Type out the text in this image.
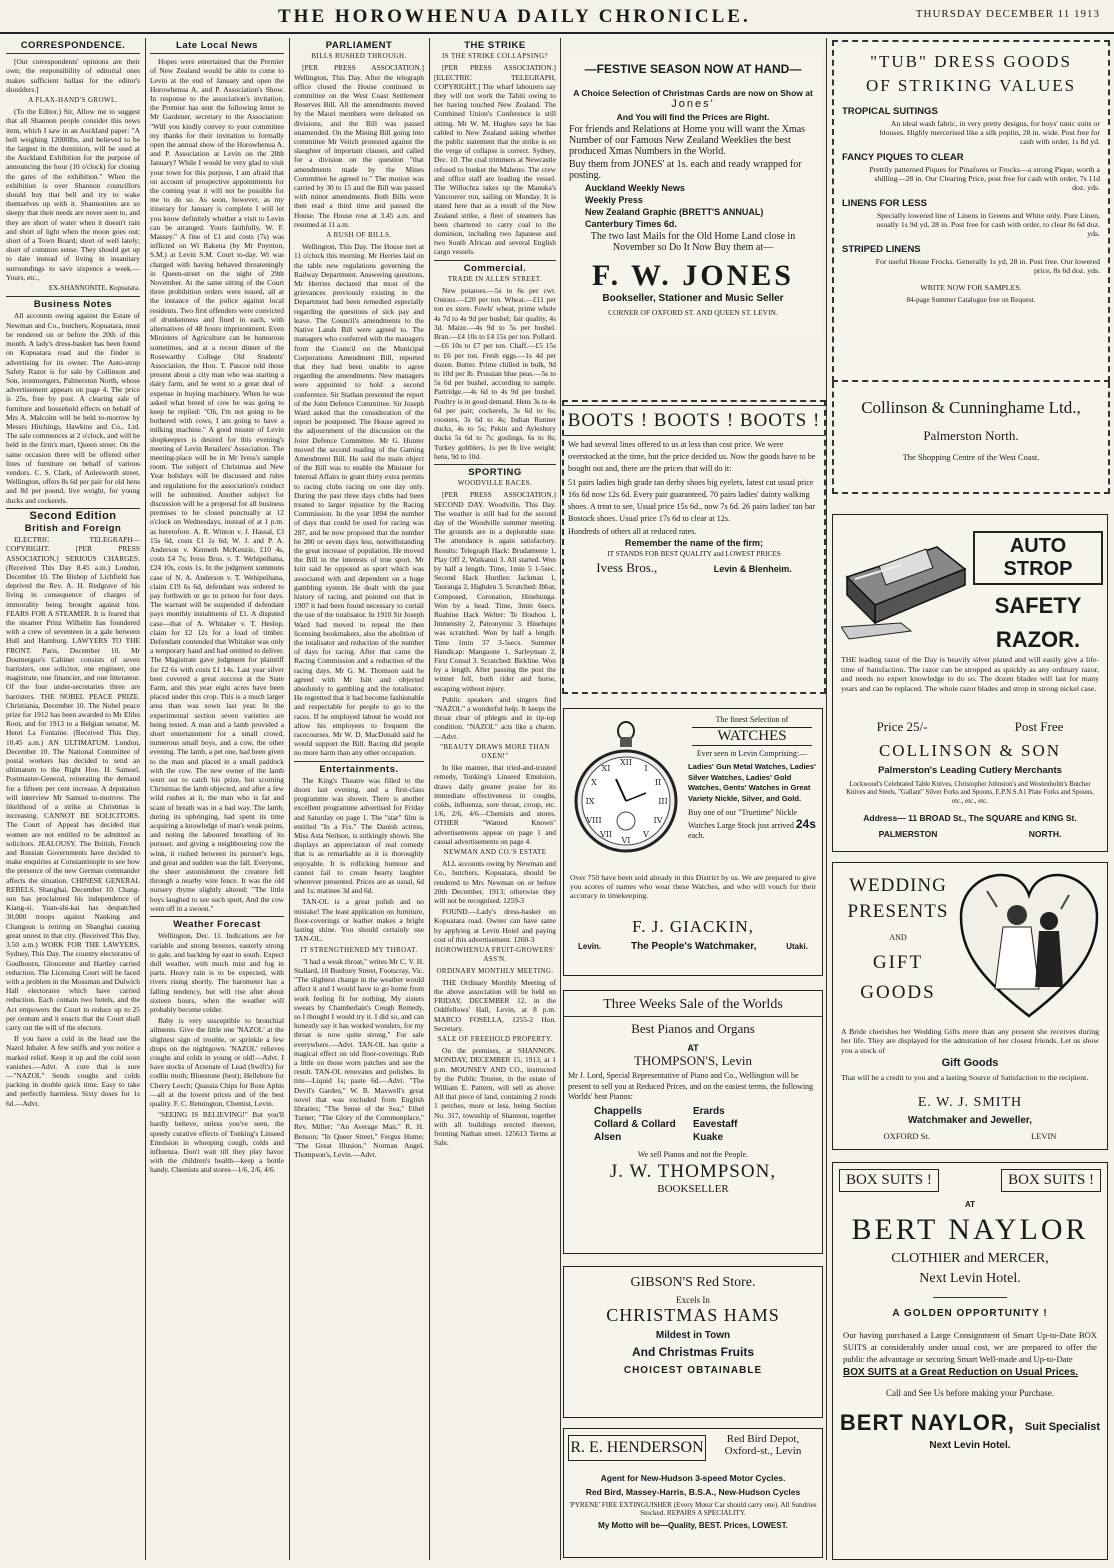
THE HOROWHENUA DAILY CHRONICLE.	THURSDAY DECEMBER 11 1913
CORRESPONDENCE.
[Our correspondents' opinions are their own; the responsibility of editorial ones makes sufficient ballast for the editor's shoulders.]
A FLAX-HAND'S GROWL.
(To the Editor.) Sir, Allow me to suggest that all Shannon people consider this news item, which I saw in an Auckland paper: "A bell weighing 12000lbs, and believed to be the largest in the dominion, will be used at the Auckland Exhibition for the purpose of announcing the hour (10 o'clock) for closing the gates of the exhibition." When the exhibition is over Shannon councillors should buy that bell and try to wake themselves up with it. Shannonites are so sleepy that their needs are never seen to, and they are short of water when it doesn't rain and short of light when the moon goes out; short of a Town Board; short of well lately; short of common sense. They should get up to date instead of living in insanitary surroundings to save sixpence a week.—Yours, etc.,
EX-SHANNONITE. Kopuatara.
Business Notes
All accounts owing against the Estate of Newman and Co., butchers, Kopuatara, must be rendered on or before the 20th of this month. A lady's dress-basket has been found on Kopuatara road and the finder is advertising for its owner. The Auto-strop Safety Razor is for sale by Collinson and Son, ironmongers, Palmerston North, whose advertisement appears on page 4. The price is 25s, free by post. A clearing sale of furniture and household effects on behalf of Mrs A. Malcolm will be held to-morrow by Messrs Hitchings, Hawkins and Co., Ltd. The sale commences at 2 o'clock, and will be held in the firm's mart, Queen street. On the same occasion there will be offered other lines of furniture on behalf of various vendors. C. S. Clark, of Aulesworth street, Wellington, offers 8s 6d per pair for old hens and 8d per pound, live weight, for young ducks and cockerels.
Second Edition
British and Foreign
ELECTRIC TELEGRAPH—COPYRIGHT. [PER PRESS ASSOCIATION.] SERIOUS CHARGES. (Received This Day 8.45 a.m.) London, December 10. The Bishop of Lichfield has deprived the Rev. A. H. Redgrave of his living in consequence of charges of immorality being brought against him. FEARS FOR A STEAMER. It is feared that the steamer Prinz Wilhelm has foundered with a crew of seventeen in a gale between Hull and Hamburg. LAWYERS TO THE FRONT. Paris, December 10. Mr Doumergue's Cabinet consists of seven barristers, one solicitor, one engineer, one magistrate, one financier, and one litterateur. Of the four under-secretaries three are barristers. THE NOBEL PEACE PRIZE. Christiania, December 10. The Nobel peace prize for 1912 has been awarded to Mr Elihu Root, and for 1913 to a Belgian senator, M. Henri La Fontaine. (Received This Day, 10.45 a.m.) AN ULTIMATUM. London, December 10. The National Committee of postal workers has decided to send an ultimatum to the Right Hon. H. Samuel, Postmaster-General, reiterating the demand for a fifteen per cent increase. A deputation will interview Mr Samuel to-morrow. The likelihood of a strike at Christmas is increasing. CANNOT BE SOLICITORS. The Court of Appeal has decided that women are not entitled to be admitted as solicitors. JEALOUSY. The British, French and Russian Governments have decided to make enquiries at Constantinople to see how the presence of the new German commander affects the situation. CHINESE GENERAL REBELS. Shanghai, December 10. Chang-sun has proclaimed his independence of Kiang-si. Yuan-shi-kai has despatched 30,000 troops against Nanking and Changsun is retiring on Shanghai causing great unrest in that city. (Received This Day, 3.50 a.m.) WORK FOR THE LAWYERS. Sydney, This Day. The country electorates of Goulbourn, Gloucester and Hartley carried reduction. The Licensing Court will be faced with a problem in the Mossman and Dulwich Hall electorates which have carried reduction. Each contain two hotels, and the Act empowers the Court to reduce up to 25 per centum and it enacts that the Court shall carry out the will of the electors.
If you have a cold in the head use the Nazol Inhaler. A few sniffs and you notice a marked relief. Keep it up and the cold soon vanishes.—Advt. A cure that is sure—"NAZOL" Sends coughs and colds packing in double quick time. Easy to take and perfectly harmless. Sixty doses for 1s 6d.—Advt.
Late Local News
Hopes were entertained that the Premier of New Zealand would be able to come to Levin at the end of January and open the Horowhenua A. and P. Association's Show. In response to the association's invitation, the Premier has sent the following letter to Mr Gardener, secretary to the Association: "Will you kindly convey to your committee my thanks for their invitation to formally open the annual show of the Horowhenua A. and P. Association at Levin on the 28th January? While I would be very glad to visit your town for this purpose, I am afraid that on account of prospective appointments for the coming year it will not be possible for me to do so. As soon, however, as my itinerary for January is complete I will let you know definitely whether a visit to Levin can be arranged. Yours faithfully, W. F. Massey." A fine of £1 and costs (7s) was inflicted on Wi Rakena (by Mr Poynton, S.M.) at Levin S.M. Court to-day. Wi was charged with having behaved threateningly in Queen-street on the night of 29th November. At the same sitting of the Court three prohibition orders were issued, all at the instance of the police against local residents. Two first offenders were convicted of drunkenness and fined in each, with alternatives of 48 hours imprisonment. Even Ministers of Agriculture can be humorous sometimes, and at a recent dinner of the Rosewarthy College Old Students' Association, the Hon. T. Pascoe told those present about a city man who was starting a dairy farm, and he went to a great deal of expense in buying machinery. When he was asked what breed of cow he was going to keep he replied: "Oh, I'm not going to be bothered with cows, I am going to have a milking machine." A good muster of Levin shopkeepers is desired for this evening's meeting of Levin Retailers' Association. The meeting-place will be in Mr Ivess's sample room. The subject of Christmas and New Year holidays will be discussed and rules and regulations for the association's conduct will be submitted. Another subject for discussion will be a proposal for all business premises to be closed punctually at 12 o'clock on Wednesdays, instead of at 1 p.m. as heretofore. A. R. Winton v. J. Hassal, £3 15s 6d, costs £1 1s 6d; W. J. and P. A. Anderson v. Kenneth McKenzie, £10 4s, costs £4 7s; Ivess Bros. v. T. Wehipeihana, £24 10s, costs 1s. In the judgment summons case of N. A. Anderson v. T. Wehipeihana, claim £19 6s 6d, defendant was ordered to pay forthwith or go to prison for four days. The warrant will be suspended if defendant pays monthly instalments of £1. A disputed case—that of A. Whitaker v. T. Heslop, claim for £2 12s for a load of timber. Defendant contended that Whitaker was only a temporary hand and had omitted to deliver. The Magistrate gave judgment for plaintiff for £2 6s with costs £1 14s. Last year silver beet covered a great success at the State Farm, and this year eight acres have been placed under this crop. This is a much larger area than was sown last year. In the experimental section seven varieties are being tested. A man and a lamb provided a short entertainment for a small crowd, numerous small boys, and a cow, the other evening. The lamb, a pet one, had been given to the man and placed in a small paddock with the cow. The new owner of the lamb went out to catch his prize, but scorning Christmas the lamb objected, and after a few wild rushes at it, the man who is fat and scant of breath was in a bad way. The lamb, during its upbringing, had spent its time acquiring a knowledge of man's weak points, and noting the laboured breathing of its pursuer, and giving a neighbouring cow the wink, it rushed between its pursuer's legs, and great and sudden was the fall. Everyone, the sheer astonishment the creature fell through a nearby wire fence. It was the old nursery rhyme slightly altered: "The little boys laughed to see such sport, And the cow went off in a swoon."
Weather Forecast
Wellington, Dec. 11. Indications are for variable and strong breezes, easterly strong to gale, and backing by east to south. Expect dull weather, with much mist and fog in parts. Heavy rain is to be expected, with rivers rising shortly. The barometer has a falling tendency, but will rise after about sixteen hours, when the weather will probably become colder.
Baby is very susceptible to bronchial ailments. Give the little one 'NAZOL' at the slightest sign of trouble, or sprinkle a few drops on the nightgown. 'NAZOL' relieves coughs and colds in young or old!—Advt. I have stocks of Arsenate of Lead (Swift's) for codlin moth; Bluestone (best); Hellebore for Cherry Leech; Quassia Chips for Rose Aphis—all at the lowest prices and of the best quality. F. C. Remington, Chemist, Levin.
"SEEING IS BELIEVING!" But you'll hardly believe, unless you've seen, the speedy curative effects of Tonking's Linseed Emulsion in whooping cough, colds and influenza. Don't wait till they play havoc with the children's health—keep a bottle handy. Chemists and stores—1/6, 2/6, 4/6.
PARLIAMENT
BILLS RUSHED THROUGH.
[PER PRESS ASSOCIATION.] Wellington, This Day. After the telegraph office closed the House continued in committee on the West Coast Settlement Reserves Bill. All the amendments moved by the Maori members were defeated on divisions, and the Bill was passed unamended. On the Mining Bill going into committee Mr Veitch protested against the slaughter of important clauses, and called for a division on the question "that amendments made by the Mines Committee be agreed to." The motion was carried by 30 to 15 and the Bill was passed with minor amendments. Both Bills were then read a third time and passed the House. The House rose at 3.45 a.m. and resumed at 11 a.m.
A RUSH OF BILLS.
Wellington, This Day. The House met at 11 o'clock this morning. Mr Herries laid on the table new regulations governing the Railway Department. Answering questions, Mr Herries declared that most of the grievances previously existing in the Department had been remedied especially regarding the questions of sick pay and leave. The Council's amendments to the Native Lands Bill were agreed to. The managers who conferred with the managers from the Council on the Municipal Corporations Amendment Bill, reported that they had been unable to agree regarding the amendments. New managers were appointed to hold a second conference. Sir Stathan presented the report of the Joint Defence Committee. Sir Joseph Ward asked that the consideration of the report be postponed. The House agreed to the adjournment of the discussion on the Joint Defence Committee. Mr G. Hunter moved the second reading of the Gaming Amendment Bill. He said the main object of the Bill was to enable the Minister for Internal Affairs to grant thirty extra permits to racing clubs racing on one day only. During the past three days clubs had been treated to larger injustice by the Racing Commission. In the year 1894 the number of days that could be used for racing was 287, and he now proposed that the number be 280 or seven days less, notwithstanding the great increase of population. He moved the Bill in the interests of true sport. Mr Isitt said he opposed as sport which was associated with and dependent on a huge gambling system. He dealt with the past history of racing, and pointed out that in 1907 it had been found necessary to curtail the use of the totalisator. In 1910 Sir Joseph Ward had moved to repeal the then licensing bookmakers, also the abolition of the totalisator and reduction of the number of days for racing. After that came the Racing Commission and a reduction of the racing days. Mr G. M. Thomson said he agreed with Mr Isitt and objected absolutely to gambling and the totalisator. He regretted that it had become fashionable and respectable for people to go to the races. If he employed labour he would not allow his employees to frequent the racecourses. Mr W. D. MacDonald said he would support the Bill. Racing did people no more harm than any other occupation.
Entertainments.
The King's Theatre was filled to the doors last evening, and a first-class programme was shown. There is another excellent programme advertised for Friday and Saturday on page 1. The "star" film is entitled "In a Fix." The Danish actress, Miss Asta Neilson, is strikingly shown. She displays an appreciation of real comedy that is as remarkable as it is thoroughly enjoyable. It is rollicking humour and cannot fail to create hearty laughter wherever presented. Prices are as usual, 6d and 1s; matinee 3d and 6d.
TAN-OL is a great polish and no mistake! The least application on furniture, floor-coverings or leather makes a bright lasting shine. You should certainly use TAN-OL.
IT STRENGTHENED MY THROAT.
"I had a weak throat," writes Mr C. V. H. Stallard, 10 Bunbury Street, Footscray, Vic. "The slightest change in the weather would affect it and I would have to go home from work feeling fit for nothing. My sisters swears by Chamberlain's Cough Remedy, so I thought I would try it. I did so, and can honestly say it has worked wonders, for my throat is now quite strong." For sale everywhere.—Advt. TAN-OL has quite a magical effect on old floor-coverings. Rub a little on those worn patches and see the result. TAN-OL renovates and polishes. In tins—Liquid 1s; paste 6d.—Advt. "The Devil's Garden," W. B. Maxwell's great novel that was excluded from English libraries; "The Sense of the Sea," Ethel Turner; "The Glory of the Commonplace," Rev. Miller; "An Average Man," R. H. Benson; "In Queer Street," Fergus Hume; "The Great Illusion," Norman Angel. Thompson's, Levin.—Advt.
THE STRIKE
IS THE STRIKE COLLAPSING?
[PER PRESS ASSOCIATION.] [ELECTRIC TELEGRAPH, COPYRIGHT.] The wharf labourers say they will not work the Tahiti owing to her having touched New Zealand. The Combined Union's Conference is still sitting. Mr W. M. Hughes says he has cabled to New Zealand asking whether the public statement that the strike is on the verge of collapse is correct. Sydney, Dec. 10. The coal trimmers at Newcastle refused to bunker the Mahenо. The crew and office staff are loading the vessel. The Willochra takes up the Manuka's Vancouver run, sailing on Monday. It is stated here that as a result of the New Zealand strike, a fleet of steamers has been chartered to carry coal to the dominion, including two Japanese and two South African and several English cargo vessels.
Commercial.
TRADE IN ALLEN STREET.
New potatoes.—5s to 6s per cwt. Onions.—£20 per ton. Wheat.—£11 per ton ex store. Fowls' wheat, prime whole 4s 7d to 4s 9d per bushel; fair quality, 4s 3d. Maize.—4s 9d to 5s per bushel. Bran.—£4 10s to £4 15s per ton. Pollard.—£6 10s to £7 per ton. Chaff.—£5 15s to £6 per ton. Fresh eggs.—1s 4d per dozen. Butter. Prime chilled in bulk, 9d to 10d per lb. Prussian blue peas.—5s to 5s 6d per bushel, according to sample. Partridge.—4s 6d to 4s 9d per bushel. Poultry is in good demand. Hens 3s to 4s 6d per pair; cockerels, 3s 6d to 6s; roosters, 3s 6d to 4s; Indian Runner ducks, 4s to 5s; Pekin and Aylesbury ducks 5s 6d to 7s; goslings, 6s to 8s; Turkey gobblers, 1s per lb live weight; hens, 9d to 10d.
SPORTING
WOODVILLE RACES.
[PER PRESS ASSOCIATION.] SECOND DAY. Woodville, This Day. The weather is still bad for the second day of the Woodville summer meeting. The grounds are in a deplorable state. The attendance is again satisfactory. Results: Telegraph Hack: Brudamente 1, Play Off 2, Waikanui 3. All started. Won by half a length. Time, 1min 5 1-5sec. Second Hack Hurdles: Jackman 1, Tauranga 2, Highden 3. Scratched: Ibbar, Composed, Coronation, Hinehunga. Won by a head. Time, 3min 6secs. Ruahine Hack Welter: Te Houhou 1, Immensity 2, Patronymic 3. Hinehupu was scratched. Won by half a length. Time 1min 37 3-5secs. Summer Handicap: Mangaone 1, Sarleyman 2, First Consul 3. Scratched: Birkline. Won by a length. After passing the post the winner fell, both rider and horse, escaping without injury.
Public speakers and singers find "NAZOL" a wonderful help. It keeps the throat clear of phlegm and in tip-top condition. "NAZOL" acts like a charm.—Advt.
"BEAUTY DRAWS MORE THAN OXEN!"
In like manner, that tried-and-trusted remedy, Tonking's Linseed Emulsion, draws daily greater praise for its immediate effectiveness in coughs, colds, influenza, sore throat, croup, etc. 1/6, 2/6, 4/6—Chemists and stores. OTHER "Wanted Known" advertisements appear on page 1 and casual advertisements on page 4.
NEWMAN AND CO.'S ESTATE
ALL accounts owing by Newman and Co., butchers, Kopuatara, should be rendered to Mrs Newman on or before 20th December, 1913; otherwise they will not be recognised. 1259-3
FOUND.—Lady's dress-basket on Kopuatara road. Owner can have same by applying at Levin Hotel and paying cost of this advertisement. 1260-3
HOROWHENUA FRUIT-GROWERS' ASS'N.
ORDINARY MONTHLY MEETING.
THE Ordinary Monthly Meeting of the above association will be held on FRIDAY, DECEMBER 12, in the Oddfellows' Hall, Levin, at 8 p.m. MARCO FOSELLA, 1255-2 Hon. Secretary.
SALE OF FREEHOLD PROPERTY.
On the premises, at SHANNON. MONDAY, DECEMBER 15, 1913, at 1 p.m. MOUNSEY AND CO., instructed by the Public Trustee, in the estate of William E. Pattern, will sell as above: All that piece of land, containing 2 roods 1 perches, more or less, being Section No. 317, township of Shannon, together with all buildings erected thereon, fronting Nathan street. 125613 Terms at Sale.
—FESTIVE SEASON NOW AT HAND—
A Choice Selection of Christmas Cards are now on Show at Jones'
And You will find the Prices are Right.
For friends and Relations at Home you will want the Xmas Number of our Famous New Zealand Weeklies the best produced Xmas Numbers in the World.
Buy them from JONES' at 1s. each and ready wrapped for posting.
Auckland Weekly News
Weekly Press
New Zealand Graphic (BRETT'S ANNUAL)
Canterbury Times 6d.
The two last Mails for the Old Home Land close in November so Do It Now Buy them at—
F. W. JONES
Bookseller, Stationer and Music Seller
CORNER OF OXFORD ST. AND QUEEN ST. LEVIN.
BOOTS ! BOOTS ! BOOTS !
We had several lines offered to us at less than cost price. We were overstocked at the time, but the price decided us. Now the goods have to be bought out and, there are the prices that will do it:
51 pairs ladies high grade tan derby shoes big eyelets, latest cut usual price 16s 6d now 12s 6d. Every pair guaranteed. 70 pairs ladies' dainty walking shoes. A treat to see, Usual price 15s 6d., now 7s 6d. 26 pairs ladies' tan bar Bostock shoes. Usual price 17s 6d to clear at 12s.
Hundreds of others all at reduced rates.
Remember the name of the firm;
IT STANDS FOR BEST QUALITY and LOWEST PRICES
Ivess Bros.,	Levin & Blenheim.
XII
III
VI
IX
I
II
IV
V
VII
VIII
X
XI
The finest Selection of
WATCHES
Ever seen in Levin Comprising:—
Ladies' Gun Metal Watches, Ladies' Silver Watches, Ladies' Gold Watches, Gents' Watches in Great Variety Nickle, Silver, and Gold.
Buy one of our "Truetime" Nickle Watches Large Stock just arrived 24s each.
Over 750 have been sold already in this District by us. We are prepared to give you scores of names who wear these Watches, and who will vouch for their accuracy in timekeeping.
F. J. GIACKIN,
Levin.	The People's Watchmaker,	Utaki.
Three Weeks Sale of the Worlds
Best Pianos and Organs
AT
THOMPSON'S, Levin
Mr J. Lord, Special Representative of Piano and Co., Wellington will be present to sell you at Reduced Prices, and on the easiest terms, the following Worlds' best Pianos:
Chappells	Erards
Collard & Collard	Eavestaff
Alsen	Kuake
We sell Pianos and not the People.
J. W. THOMPSON,
BOOKSELLER
GIBSON'S Red Store.
Excels In
CHRISTMAS HAMS
Mildest in Town
And Christmas Fruits
CHOICEST OBTAINABLE
R. E. HENDERSON	Red Bird Depot,
Oxford-st., Levin
Agent for New-Hudson 3-speed Motor Cycles.
Red Bird, Massey-Harris, B.S.A., New-Hudson Cycles
'PYRENE' FIRE EXTINGUISHER (Every Motor Car should carry one). All Sundries Stocked. REPAIRS A SPECIALITY.
My Motto will be—Quality, BEST. Prices, LOWEST.
"TUB" DRESS GOODS
OF STRIKING VALUES
TROPICAL SUITINGS
An ideal wash fabric, in very pretty designs, for boys' tunic suits or blouses. Highly mercerised like a silk poplin, 28 in. wide. Post free for cash with order, 1s 8d yd.
FANCY PIQUES TO CLEAR
Prettily patterned Piques for Pinafores or Frocks—a strong Pique, worth a shilling—28 in. Our Clearing Price, post free for cash with order, 7s 11d doz. yds.
LINENS FOR LESS
Specially lowered line of Linens in Greens and White only. Pure Linen, usually 1s 9d yd, 28 in. Post free for cash with order, to clear 8s 6d doz. yds.
STRIPED LINENS
For useful House Frocks. Generally 1s yd, 28 in. Post free. Our lowered price, 8s 6d doz. yds.
WRITE NOW FOR SAMPLES.
84-page Summer Catalogue free on Request.
Collinson & Cunninghame Ltd.,
Palmerston North.
The Shopping Centre of the West Coast.
AUTO STROP
SAFETY
RAZOR.
THE leading razor of the Day is heavily silver plated and will easily give a life-time of Satisfaction. The razor can be stropped as quickly as any ordinary razor, and needs no expert knowledge to do so. The dozen blades will last for many years and can be replaced. The whole razor blades and strop in strong nickel case.
Price 25/-	Post Free
COLLINSON & SON
Palmerston's Leading Cutlery Merchants
Lockwood's Celebrated Table Knives, Christopher Johnston's and Wostenholm's Butcher Knives and Steels, "Gallant" Silver Forks and Spoons, E.P.N.S.A1 Plate Forks and Spoons, etc., etc., etc.
Address— 11 BROAD St., The SQUARE and KING St.
PALMERSTON	NORTH.
WEDDING
PRESENTS
AND
GIFT
GOODS
A Bride cherishes her Wedding Gifts more than any present she receives during her life. They are displayed for the admiration of her closest friends. Let us show you a stock of
Gift Goods
That will be a credit to you and a lasting Source of Satisfaction to the recipient.
E. W. J. SMITH
Watchmaker and Jeweller,
OXFORD St.	LEVIN
BOX SUITS !	BOX SUITS !
AT
BERT NAYLOR
CLOTHIER and MERCER,
Next Levin Hotel.
A GOLDEN OPPORTUNITY !
Our having purchased a Large Consignment of Smart Up-to-Date BOX SUITS at considerably under usual cost, we are prepared to offer the public the advantage or securing Smart Well-made and Up-to-Date
BOX SUITS at a Great Reduction on Usual Prices.
Call and See Us before making your Purchase.
BERT NAYLOR, Suit Specialist
Next Levin Hotel.
